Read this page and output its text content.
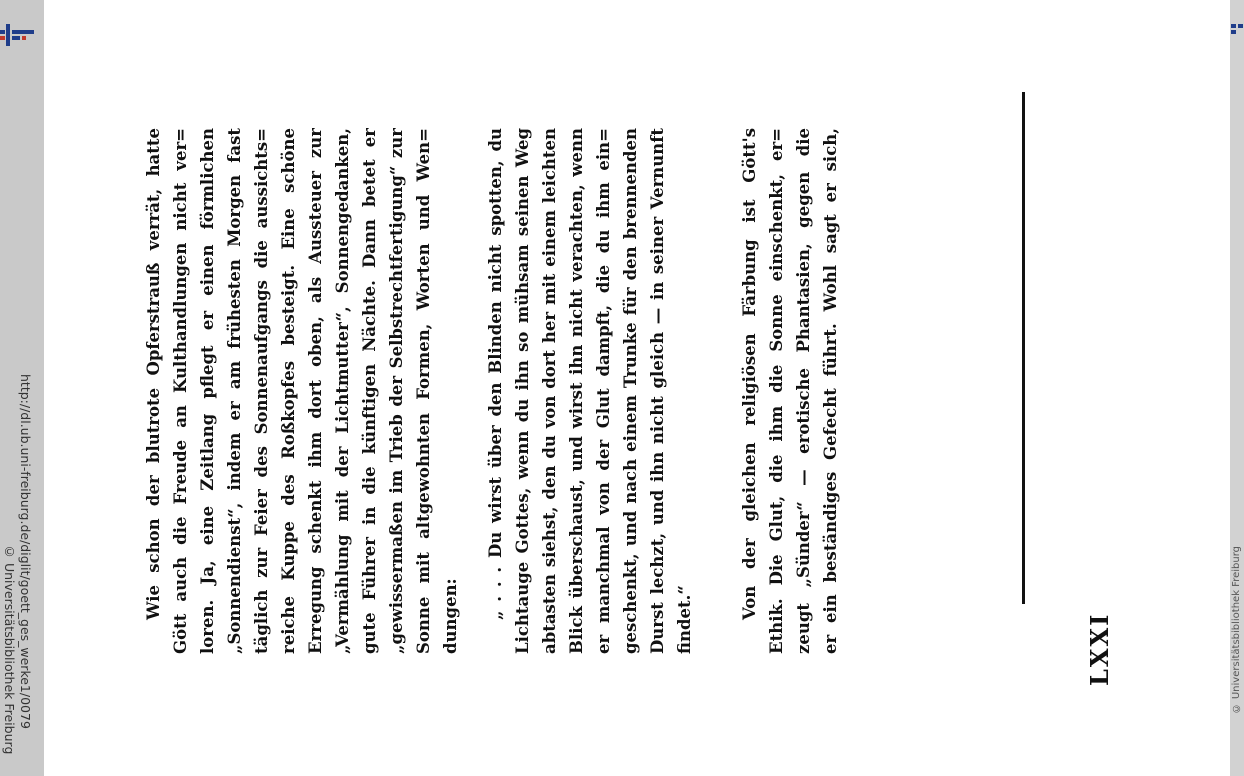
http://dl.ub.uni-freiburg.de/diglit/goett_ges_werke1/0079
© Universitätsbibliothek Freiburg	LXXI
Wie schon der blutrote Opferstrauß verrät, hatte Gött auch die Freude an Kulthandlungen nicht ver= loren. Ja, eine Zeitlang pflegt er einen förmlichen „Sonnendienst“, indem er am frühesten Morgen fast täglich zur Feier des Sonnenaufgangs die aussichts= reiche Kuppe des Roßkopfes besteigt. Eine schöne Erregung schenkt ihm dort oben, als Aussteuer zur „Vermählung mit der Lichtmutter“, Sonnengedanken, gute Führer in die künftigen Nächte. Dann betet er „gewissermaßen im Trieb der Selbstrechtfertigung“ zur Sonne mit altgewohnten Formen, Worten und Wen= dungen: „ . . . Du wirst über den Blinden nicht spotten, du Lichtauge Gottes, wenn du ihn so mühsam seinen Weg abtasten siehst, den du von dort her mit einem leichten Blick überschaust, und wirst ihn nicht verachten, wenn er manchmal von der Glut dampft, die du ihm ein= geschenkt, und nach einem Trunke für den brennenden Durst lechzt, und ihn nicht gleich — in seiner Vernunft findet.“	Von der gleichen religiösen Färbung ist Gött's Ethik. Die Glut, die ihm die Sonne einschenkt, er= zeugt „Sünder“ — erotische Phantasien, gegen die er ein beständiges Gefecht führt. Wohl sagt er sich,	© Universitätsbibliothek Freiburg
